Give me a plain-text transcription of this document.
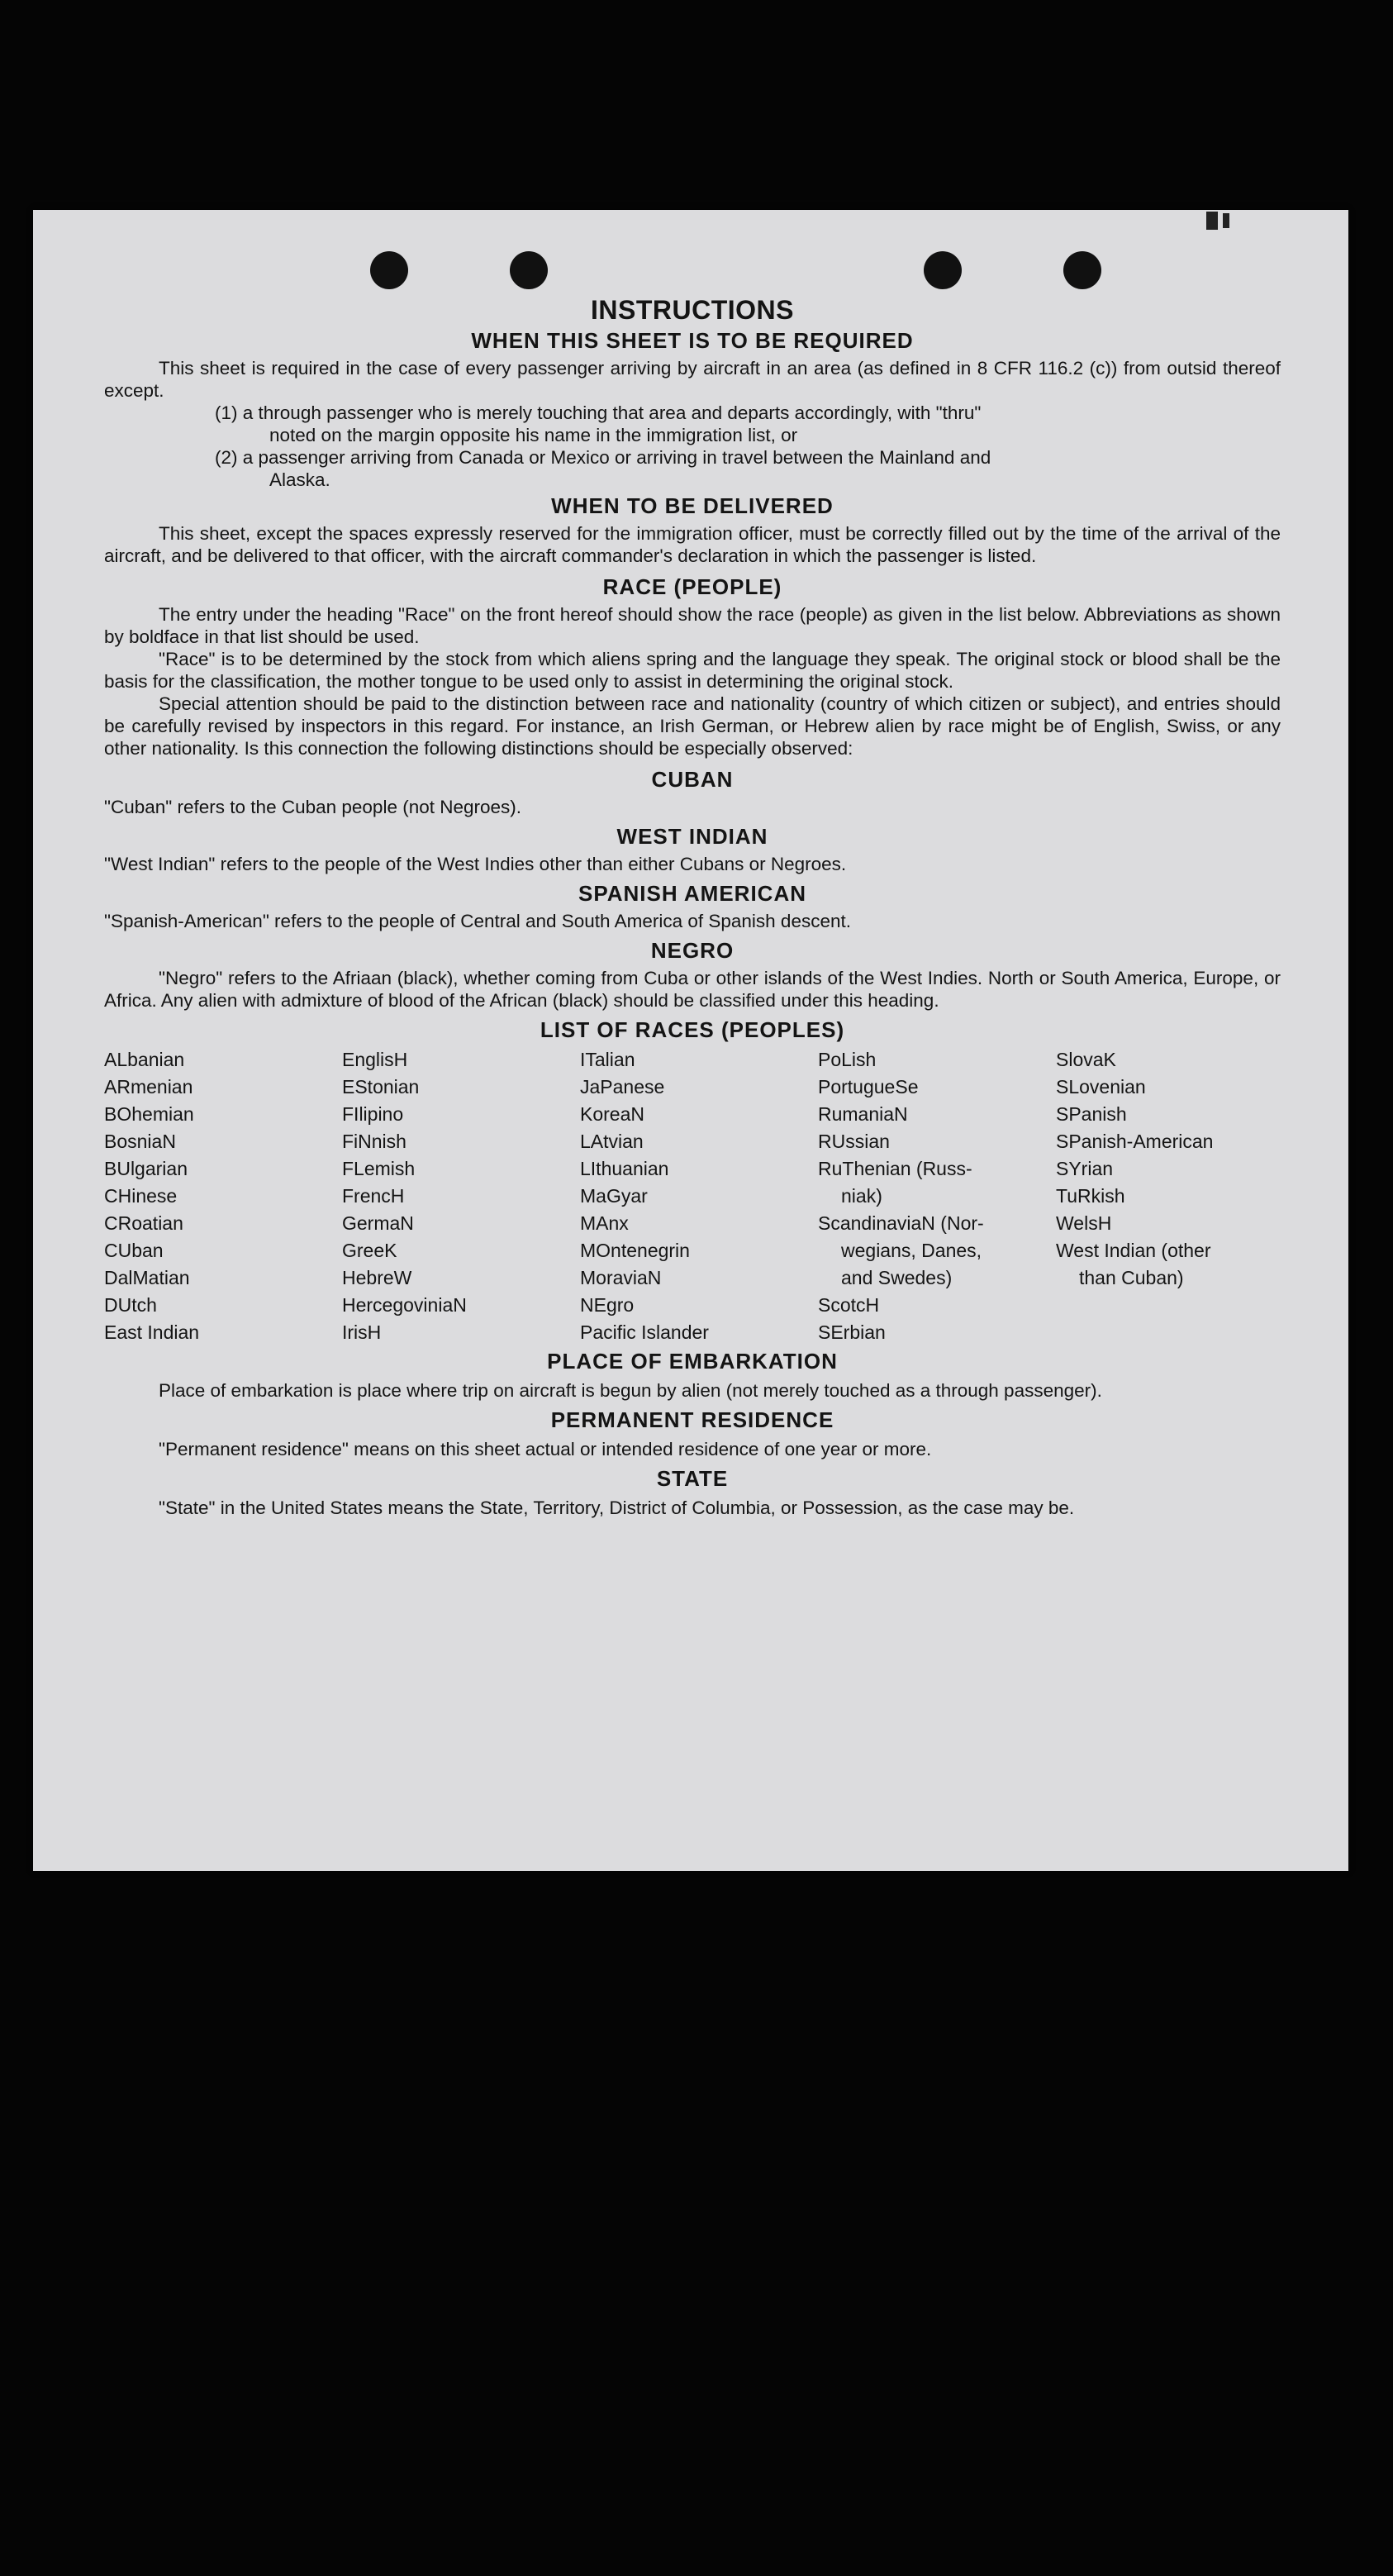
INSTRUCTIONS
WHEN THIS SHEET IS TO BE REQUIRED

This sheet is required in the case of every passenger arriving by aircraft in an area (as defined in 8 CFR 116.2 (c)) from outsid thereof except.

(1) a through passenger who is merely touching that area and departs accordingly, with "thru"
noted on the margin opposite his name in the immigration list, or
(2) a passenger arriving from Canada or Mexico or arriving in travel between the Mainland and
Alaska.
WHEN TO BE DELIVERED

This sheet, except the spaces expressly reserved for the immigration officer, must be correctly filled out by the time of the arrival of the aircraft, and be delivered to that officer, with the aircraft commander's declaration in which the passenger is listed.

RACE (PEOPLE)

The entry under the heading "Race" on the front hereof should show the race (people) as given in the list below. Abbreviations as shown by boldface in that list should be used.

"Race" is to be determined by the stock from which aliens spring and the language they speak. The original stock or blood shall be the basis for the classification, the mother tongue to be used only to assist in determining the original stock.

Special attention should be paid to the distinction between race and nationality (country of which citizen or subject), and entries should be carefully revised by inspectors in this regard. For instance, an Irish German, or Hebrew alien by race might be of English, Swiss, or any other nationality. Is this connection the following distinctions should be especially observed:

CUBAN

"Cuban" refers to the Cuban people (not Negroes).

WEST INDIAN

"West Indian" refers to the people of the West Indies other than either Cubans or Negroes.

SPANISH AMERICAN

"Spanish-American" refers to the people of Central and South America of Spanish descent.

NEGRO

"Negro" refers to the Afriaan (black), whether coming from Cuba or other islands of the West Indies. North or South America, Europe, or Africa. Any alien with admixture of blood of the African (black) should be classified under this heading.

LIST OF RACES (PEOPLES)
ALbanian
ARmenian
BOhemian
BosniaN
BUlgarian
CHinese
CRoatian
CUban
DalMatian
DUtch
East Indian
EnglisH
EStonian
FIlipino
FiNnish
FLemish
FrencH
GermaN
GreeK
HebreW
HercegoviniaN
IrisH
ITalian
JaPanese
KoreaN
LAtvian
LIthuanian
MaGyar
MAnx
MOntenegrin
MoraviaN
NEgro
Pacific Islander
PoLish
PortugueSe
RumaniaN
RUssian
RuThenian (Russ-
niak)
ScandinaviaN (Nor-
wegians, Danes,
and Swedes)
ScotcH
SErbian
SlovaK
SLovenian
SPanish
SPanish-American
SYrian
TuRkish
WelsH
West Indian (other
than Cuban)
PLACE OF EMBARKATION

Place of embarkation is place where trip on aircraft is begun by alien (not merely touched as a through passenger).

PERMANENT RESIDENCE

"Permanent residence" means on this sheet actual or intended residence of one year or more.

STATE

"State" in the United States means the State, Territory, District of Columbia, or Possession, as the case may be.
